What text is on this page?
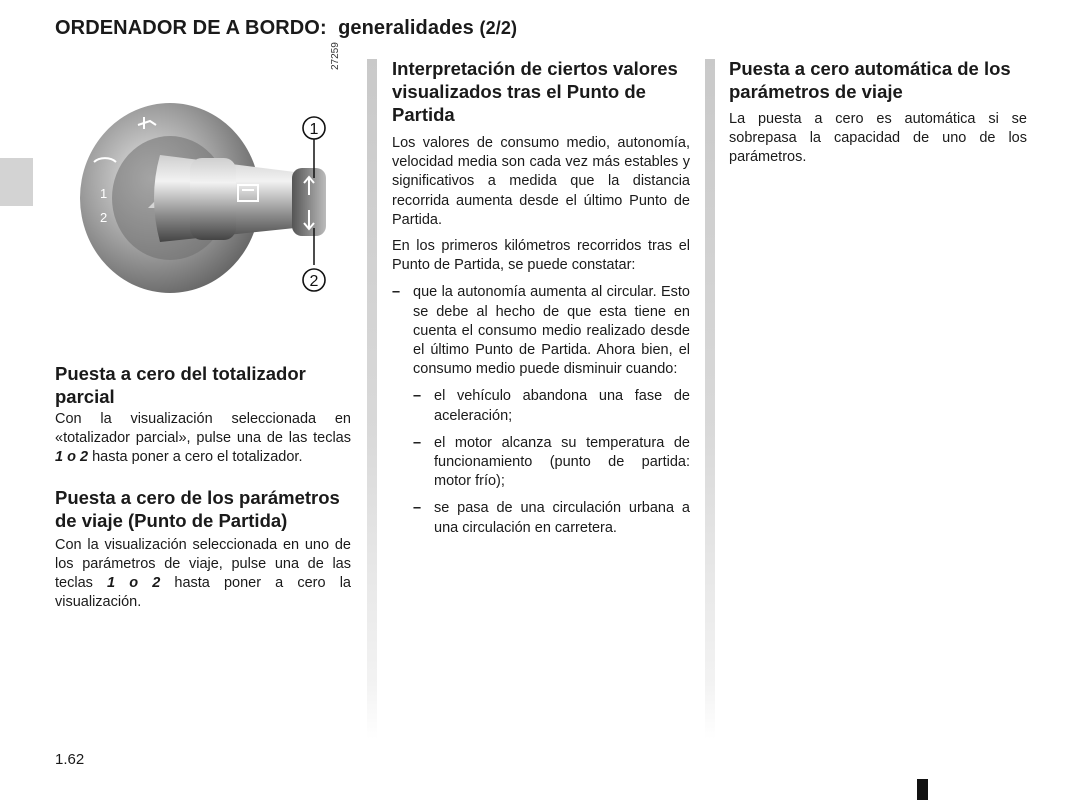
ORDENADOR DE A BORDO: generalidades (2/2)
27259
1
2
1
2
Puesta a cero del totalizador parcial
Con la visualización seleccionada en «totalizador parcial», pulse una de las teclas 1 o 2 hasta poner a cero el totalizador.
Puesta a cero de los parámetros de viaje (Punto de Partida)
Con la visualización seleccionada en uno de los parámetros de viaje, pulse una de las teclas 1 o 2 hasta poner a cero la visualización.
Interpretación de ciertos valores visualizados tras el Punto de Partida
Los valores de consumo medio, autonomía, velocidad media son cada vez más estables y significativos a medida que la distancia recorrida aumenta desde el último Punto de Partida.
En los primeros kilómetros recorridos tras el Punto de Partida, se puede constatar:
– que la autonomía aumenta al circular. Esto se debe al hecho de que esta tiene en cuenta el consumo medio realizado desde el último Punto de Partida. Ahora bien, el consumo medio puede disminuir cuando:
– el vehículo abandona una fase de aceleración;
– el motor alcanza su temperatura de funcionamiento (punto de partida: motor frío);
– se pasa de una circulación urbana a una circulación en carretera.
Puesta a cero automática de los parámetros de viaje
La puesta a cero es automática si se sobrepasa la capacidad de uno de los parámetros.
1.62
